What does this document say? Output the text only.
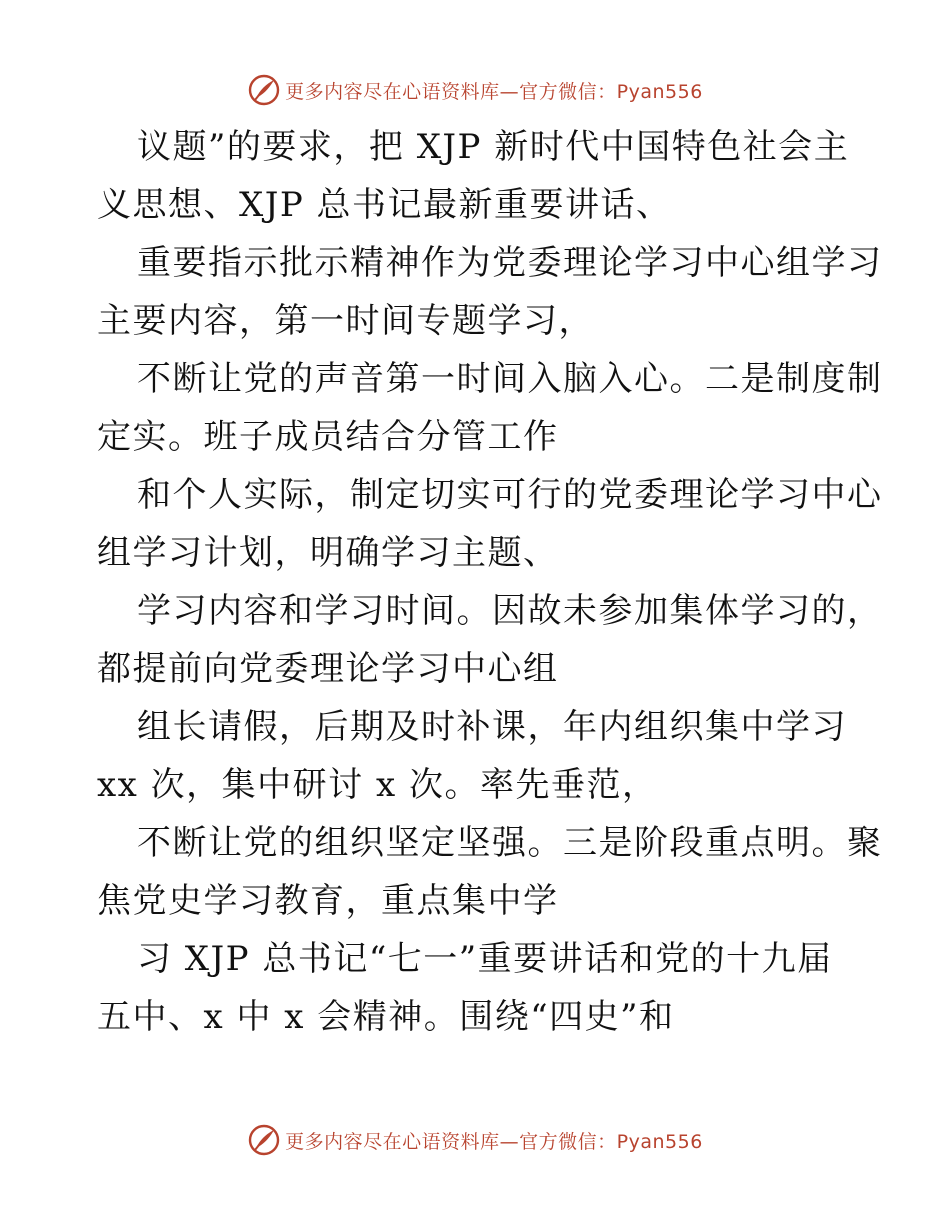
更多内容尽在心语资料库—官方微信：Pyan556
议题”的要求，把 XJP 新时代中国特色社会主
义思想、XJP 总书记最新重要讲话、
重要指示批示精神作为党委理论学习中心组学习
主要内容，第一时间专题学习，
不断让党的声音第一时间入脑入心。二是制度制
定实。班子成员结合分管工作
和个人实际，制定切实可行的党委理论学习中心
组学习计划，明确学习主题、
学习内容和学习时间。因故未参加集体学习的，
都提前向党委理论学习中心组
组长请假，后期及时补课，年内组织集中学习
xx 次，集中研讨 x 次。率先垂范，
不断让党的组织坚定坚强。三是阶段重点明。聚
焦党史学习教育，重点集中学
习 XJP 总书记“七一”重要讲话和党的十九届
五中、x 中 x 会精神。围绕“四史”和
更多内容尽在心语资料库—官方微信：Pyan556
